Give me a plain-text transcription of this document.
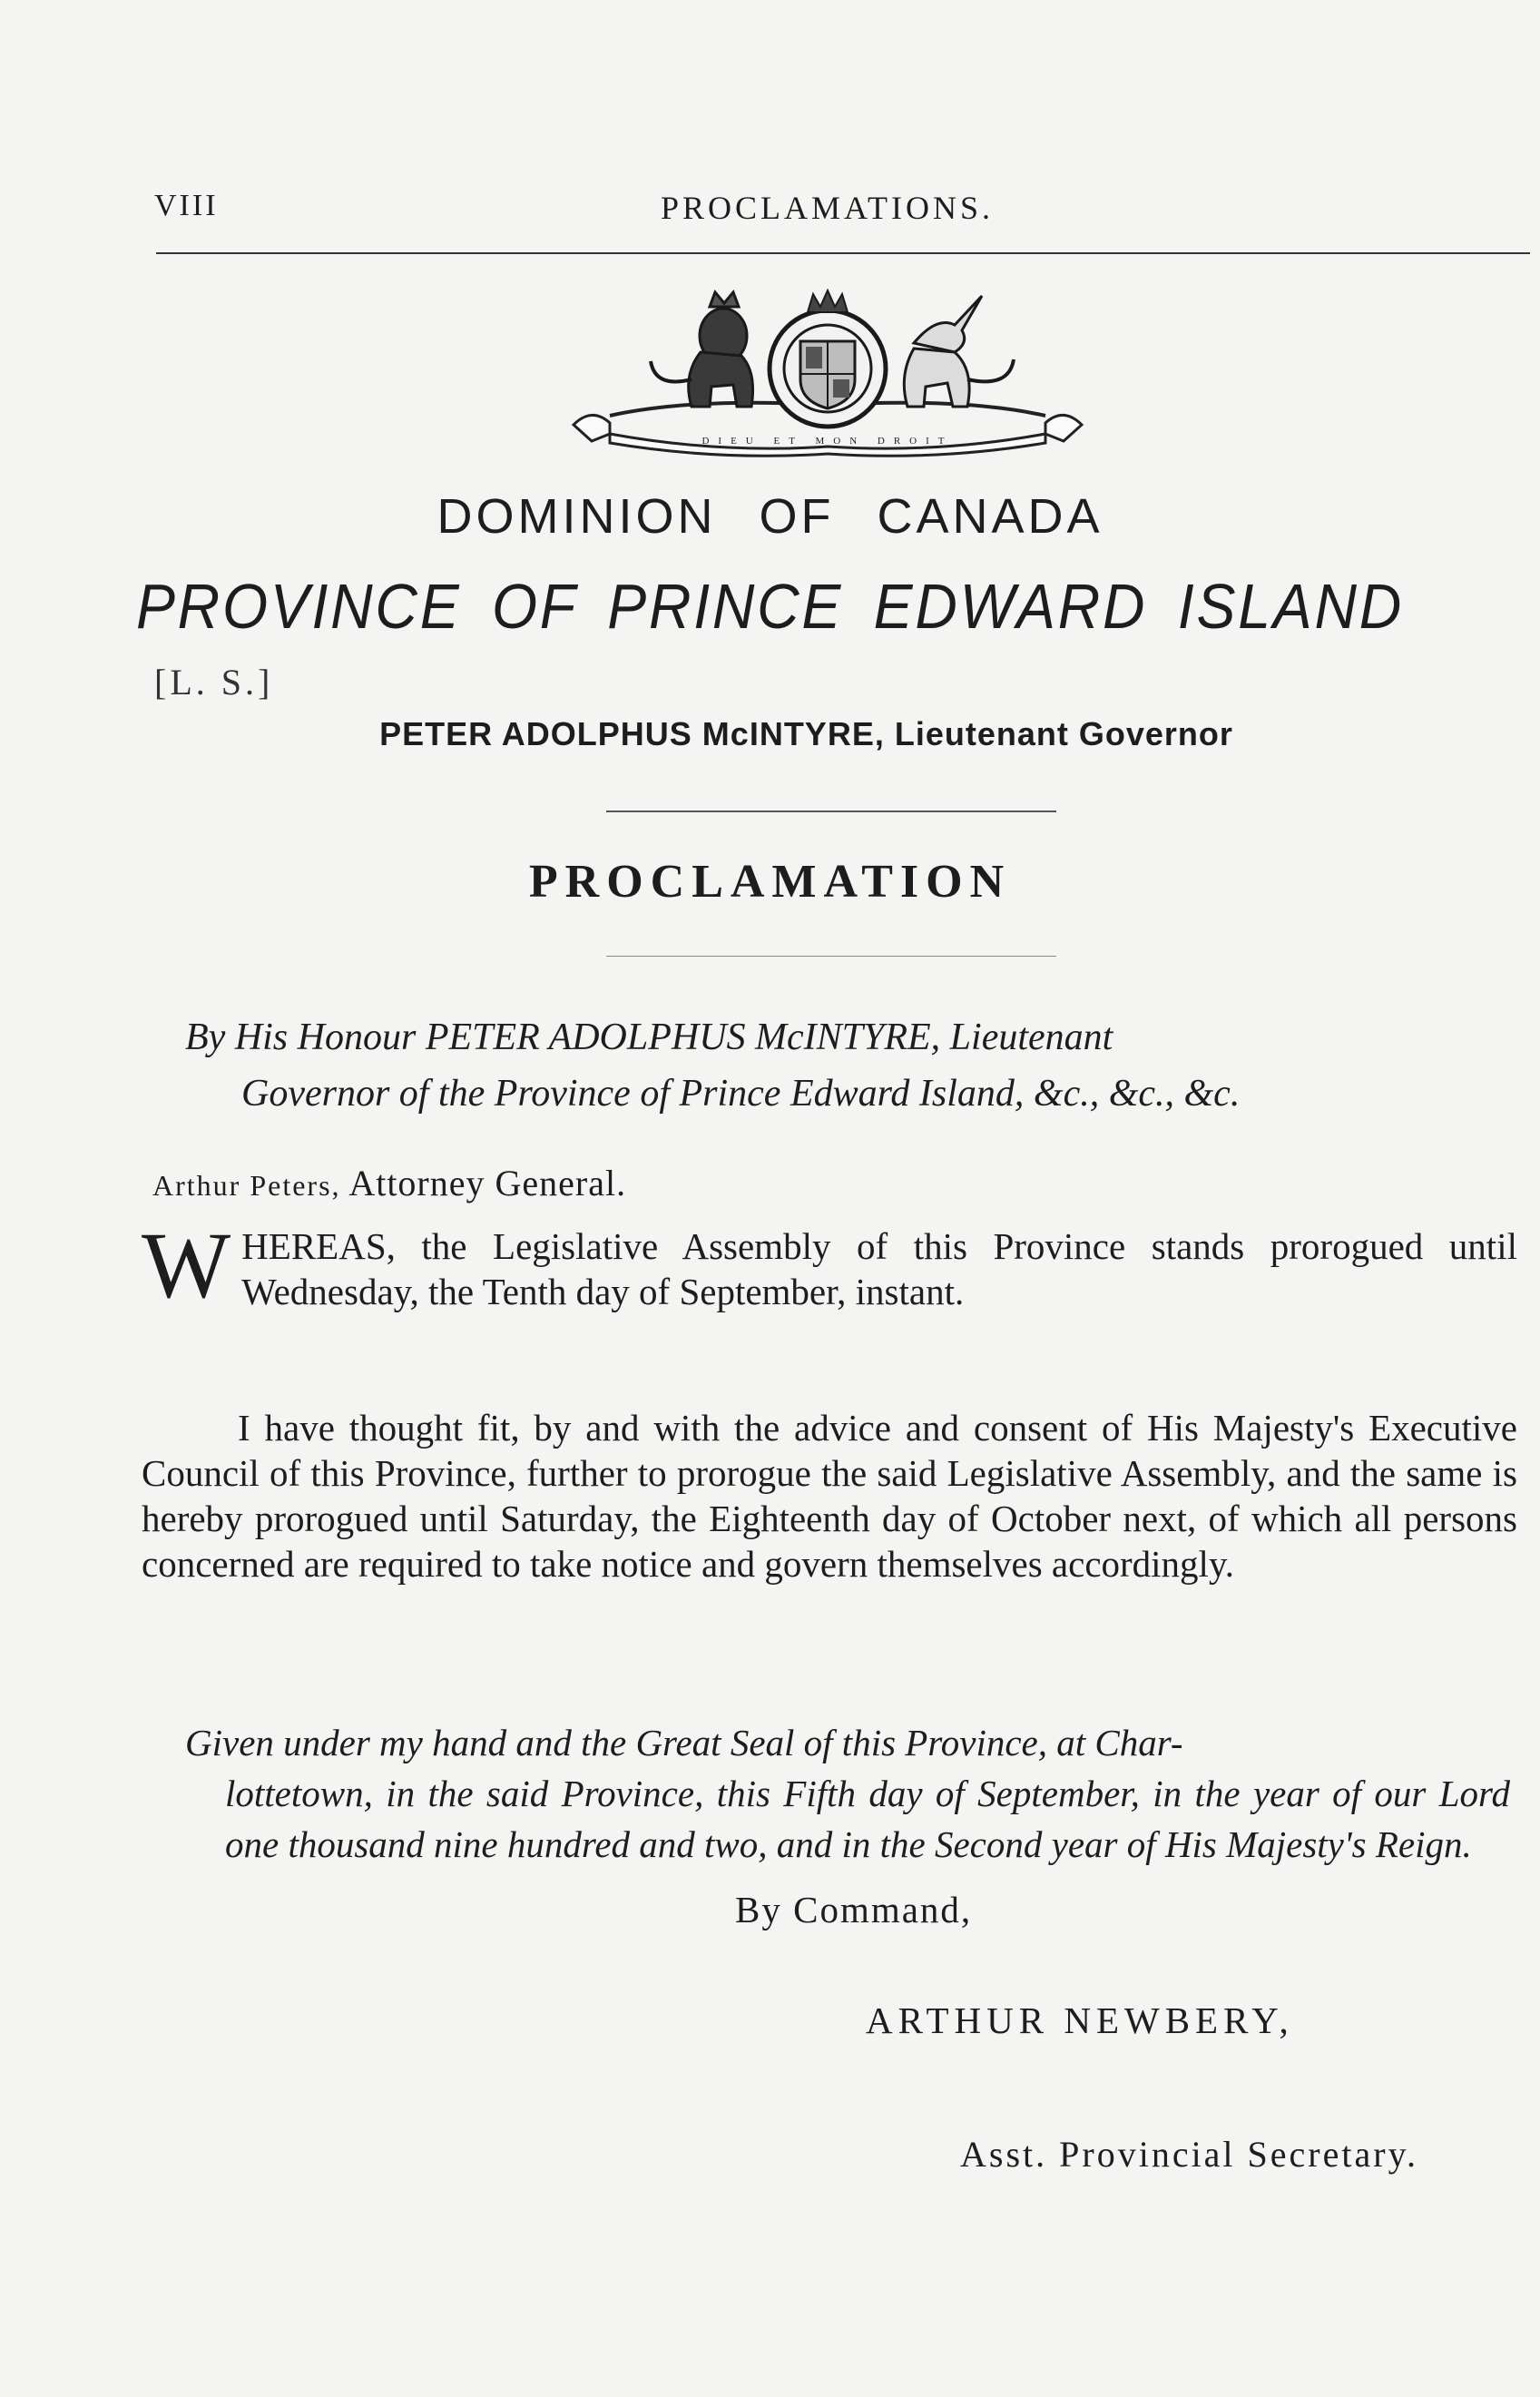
VIII	PROCLAMATIONS.
DIEU ET MON DROIT
DOMINION OF CANADA
PROVINCE OF PRINCE EDWARD ISLAND
[L. S.]
PETER ADOLPHUS McINTYRE, Lieutenant Governor
PROCLAMATION

By His Honour PETER ADOLPHUS McINTYRE, Lieutenant

Governor of the Province of Prince Edward Island, &c., &c., &c.

Arthur Peters, Attorney General.
WHEREAS, the Legislative Assembly of this Province stands prorogued until Wednesday, the Tenth day of September, instant.
I have thought fit, by and with the advice and consent of His Majesty's Executive Council of this Province, further to prorogue the said Legislative Assembly, and the same is hereby prorogued until Saturday, the Eighteenth day of October next, of which all persons concerned are required to take notice and govern themselves accordingly.
Given under my hand and the Great Seal of this Province, at Char-
lottetown, in the said Province, this Fifth day of September, in the year of our Lord one thousand nine hundred and two, and in the Second year of His Majesty's Reign.
By Command,
ARTHUR NEWBERY,
Asst. Provincial Secretary.
